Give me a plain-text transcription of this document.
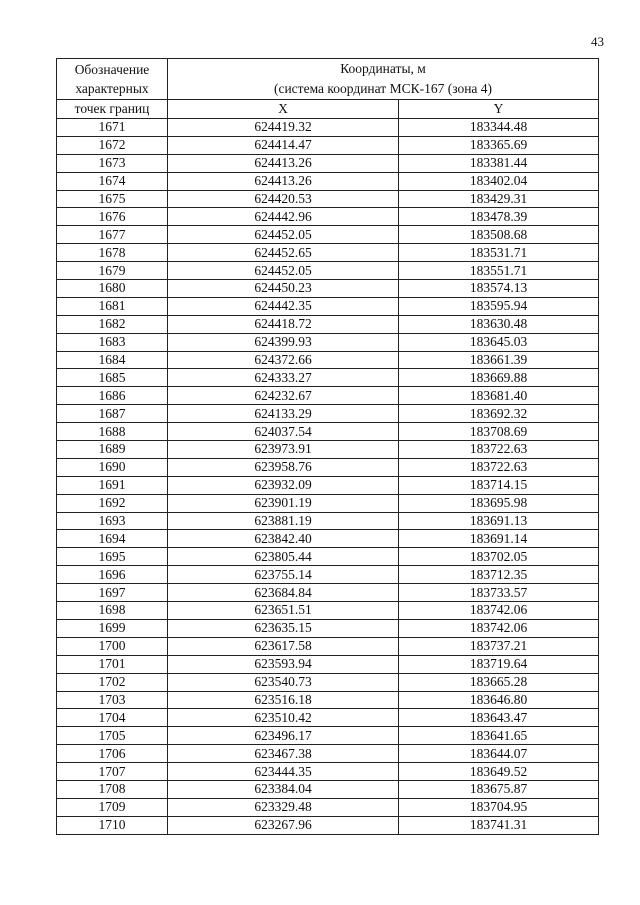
43
Обозначение
характерных	Координаты, м
(система координат МСК-167 (зона 4)	

точек границ	X	Y
1671	624419.32	183344.48
1672	624414.47	183365.69
1673	624413.26	183381.44
1674	624413.26	183402.04
1675	624420.53	183429.31
1676	624442.96	183478.39
1677	624452.05	183508.68
1678	624452.65	183531.71
1679	624452.05	183551.71
1680	624450.23	183574.13
1681	624442.35	183595.94
1682	624418.72	183630.48
1683	624399.93	183645.03
1684	624372.66	183661.39
1685	624333.27	183669.88
1686	624232.67	183681.40
1687	624133.29	183692.32
1688	624037.54	183708.69
1689	623973.91	183722.63
1690	623958.76	183722.63
1691	623932.09	183714.15
1692	623901.19	183695.98
1693	623881.19	183691.13
1694	623842.40	183691.14
1695	623805.44	183702.05
1696	623755.14	183712.35
1697	623684.84	183733.57
1698	623651.51	183742.06
1699	623635.15	183742.06
1700	623617.58	183737.21
1701	623593.94	183719.64
1702	623540.73	183665.28
1703	623516.18	183646.80
1704	623510.42	183643.47
1705	623496.17	183641.65
1706	623467.38	183644.07
1707	623444.35	183649.52
1708	623384.04	183675.87
1709	623329.48	183704.95
1710	623267.96	183741.31
